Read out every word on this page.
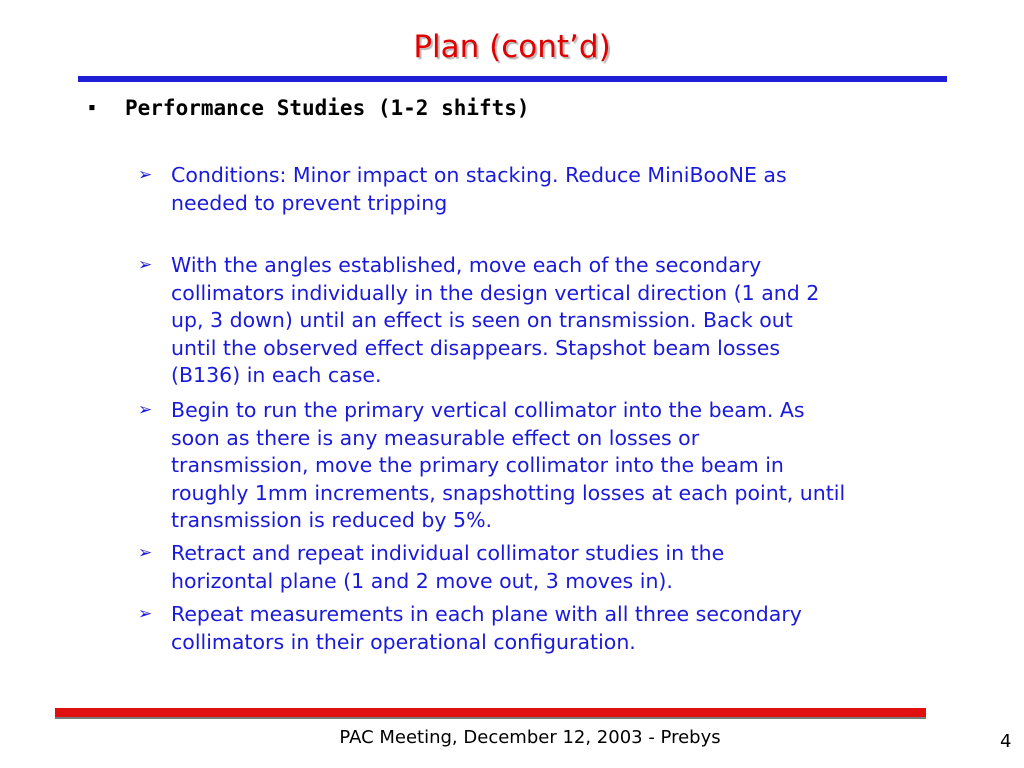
Plan (cont’d)
▪ Performance Studies (1-2 shifts)
➢ Conditions: Minor impact on stacking. Reduce MiniBooNE as
needed to prevent tripping
➢ With the angles established, move each of the secondary
collimators individually in the design vertical direction (1 and 2
up, 3 down) until an effect is seen on transmission. Back out
until the observed effect disappears. Stapshot beam losses
(B136) in each case.
➢ Begin to run the primary vertical collimator into the beam. As
soon as there is any measurable effect on losses or
transmission, move the primary collimator into the beam in
roughly 1mm increments, snapshotting losses at each point, until
transmission is reduced by 5%.
➢ Retract and repeat individual collimator studies in the
horizontal plane (1 and 2 move out, 3 moves in).
➢ Repeat measurements in each plane with all three secondary
collimators in their operational configuration.
PAC Meeting, December 12, 2003 - Prebys	4
